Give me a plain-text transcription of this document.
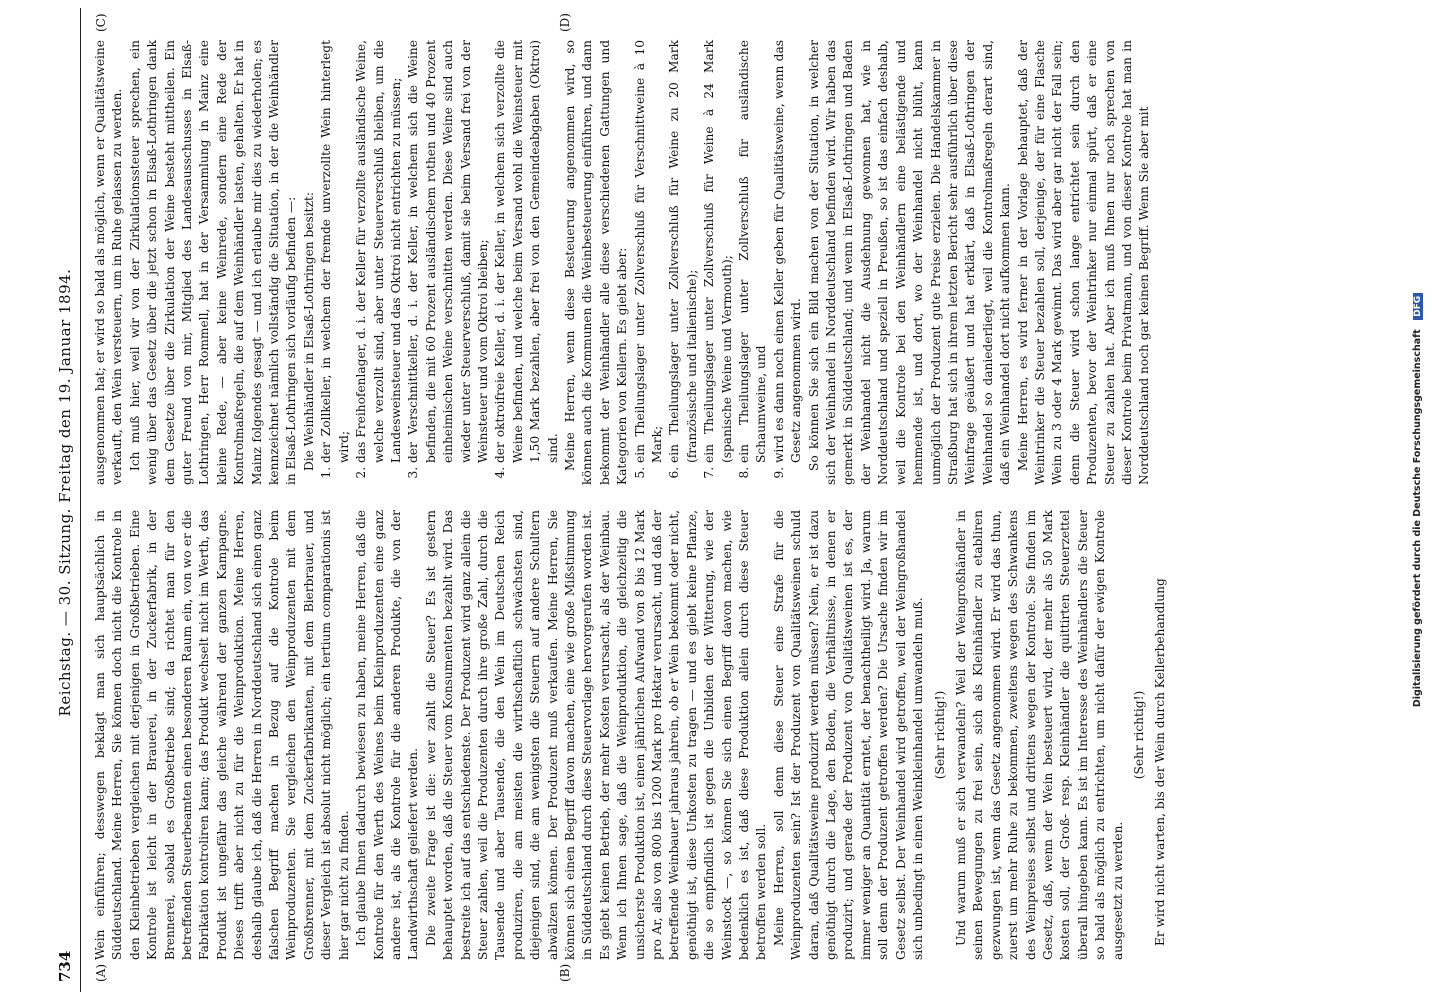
734
Reichstag. — 30. Sitzung. Freitag den 19. Januar 1894.
(A)	(B)
(C)	(D)

Wein einführen; desswegen beklagt man sich hauptsächlich in Süddeutschland. Meine Herren, Sie können doch nicht die Kontrole in den Kleinbetrieben vergleichen mit derjenigen in Großbetrieben. Eine Kontrole ist leicht in der Brauerei, in der Zuckerfabrik, in der Brennerei, sobald es Großbetriebe sind; da richtet man für den betreffenden Steuerbeamten einen besonderen Raum ein, von wo er die Fabrikation kontroliren kann; das Produkt wechselt nicht im Werth, das Produkt ist ungefähr das gleiche während der ganzen Kampagne. Dieses trifft aber nicht zu für die Weinproduktion. Meine Herren, deshalb glaube ich, daß die Herren in Norddeutschland sich einen ganz falschen Begriff machen in Bezug auf die Kontrole beim Weinproduzenten. Sie vergleichen den Weinproduzenten mit dem Großbrenner, mit dem Zuckerfabrikanten, mit dem Bierbrauer, und dieser Vergleich ist absolut nicht möglich; ein tertium comparationis ist hier gar nicht zu finden. Ich glaube Ihnen dadurch bewiesen zu haben, meine Herren, daß die Kontrole für den Werth des Weines beim Kleinproduzenten eine ganz andere ist, als die Kontrole für die anderen Produkte, die von der Landwirthschaft geliefert werden. Die zweite Frage ist die: wer zahlt die Steuer? Es ist gestern behauptet worden, daß die Steuer vom Konsumenten bezahlt wird. Das bestreite ich auf das entschiedenste. Der Produzent wird ganz allein die Steuer zahlen, weil die Produzenten durch ihre große Zahl, durch die Tausende und aber Tausende, die den Wein im Deutschen Reich produziren, die am meisten die wirthschaftlich schwächsten sind, diejenigen sind, die am wenigsten die Steuern auf andere Schultern abwälzen können. Der Produzent muß verkaufen. Meine Herren, Sie können sich einen Begriff davon machen, eine wie große Mißstimmung in Süddeutschland durch diese Steuervorlage hervorgerufen worden ist. Es giebt keinen Betrieb, der mehr Kosten verursacht, als der Weinbau. Wenn ich Ihnen sage, daß die Weinproduktion, die gleichzeitig die unsicherste Produktion ist, einen jährlichen Aufwand von 8 bis 12 Mark pro Ar, also von 800 bis 1200 Mark pro Hektar verursacht, und daß der betreffende Weinbauer jahraus jahrein, ob er Wein bekommt oder nicht, genöthigt ist, diese Unkosten zu tragen — und es giebt keine Pflanze, die so empfindlich ist gegen die Unbilden der Witterung, wie der Weinstock —, so können Sie sich einen Begriff davon machen, wie bedenklich es ist, daß diese Produktion allein durch diese Steuer betroffen werden soll. Meine Herren, soll denn diese Steuer eine Strafe für die Weinproduzenten sein? Ist der Produzent von Qualitätsweinen schuld daran, daß Qualitätsweine produzirt werden müssen? Nein, er ist dazu genöthigt durch die Lage, den Boden, die Verhältnisse, in denen er produzirt; und gerade der Produzent von Qualitätsweinen ist es, der immer weniger an Quantität erntet, der benachtheiligt wird. Ja, warum soll denn der Produzent getroffen werden? Die Ursache finden wir im Gesetz selbst. Der Weinhandel wird getroffen, weil der Weingroßhandel sich unbedingt in einen Weinkleinhandel umwandeln muß. (Sehr richtig!) Und warum muß er sich verwandeln? Weil der Weingroßhändler in seinen Bewegungen zu frei sein, sich als Kleinhändler zu etabliren gezwungen ist, wenn das Gesetz angenommen wird. Er wird das thun, zuerst um mehr Ruhe zu bekommen, zweitens wegen des Schwankens des Weinpreises selbst und drittens wegen der Kontrole. Sie finden im Gesetz, daß, wenn der Wein besteuert wird, der mehr als 50 Mark kosten soll, der Groß- resp. Kleinhändler die quittirten Steuerzettel überall hingeben kann. Es ist im Interesse des Weinhändlers die Steuer so bald als möglich zu entrichten, um nicht dafür der ewigen Kontrole ausgesetzt zu werden.

(Sehr richtig!) Er wird nicht warten, bis der Wein durch Kellerbehandlung

ausgenommen hat; er wird so bald als möglich, wenn er Qualitätsweine verkauft, den Wein versteuern, um in Ruhe gelassen zu werden. Ich muß hier, weil wir von der Zirkulationssteuer sprechen, ein wenig über das Gesetz über die jetzt schon in Elsaß-Lothringen dank dem Gesetze über die Zirkulation der Weine besteht mittheilen. Ein guter Freund von mir, Mitglied des Landesausschusses in Elsaß-Lothringen, Herr Rommell, hat in der Versammlung in Mainz eine kleine Rede, — aber keine Weinrede, sondern eine Rede der Kontrolmaßregeln, die auf dem Weinhändler lasten, gehalten. Er hat in Mainz folgendes gesagt — und ich erlaube mir dies zu wiederholen; es kennzeichnet nämlich vollständig die Situation, in der die Weinhändler in Elsaß-Lothringen sich vorläufig befinden —: Die Weinhändler in Elsaß-Lothringen besitzt: 1. der Zollkeller, in welchem der fremde unverzollte Wein hinterlegt wird; 2. das Freihofenlager, d. i. der Keller für verzollte ausländische Weine, welche verzollt sind, aber unter Steuerverschluß bleiben, um die Landesweinsteuer und das Oktroi nicht entrichten zu müssen; 3. der Verschnittkeller, d. i. der Keller, in welchem sich die Weine befinden, die mit 60 Prozent ausländischem rothen und 40 Prozent einheimischen Weine verschnitten werden. Diese Weine sind auch wieder unter Steuerverschluß, damit sie beim Versand frei von der Weinsteuer und vom Oktroi bleiben; 4. der oktroifreie Keller, d. i. der Keller, in welchem sich verzollte die Weine befinden, und welche beim Versand wohl die Weinsteuer mit 1,50 Mark bezahlen, aber frei von den Gemeindeabgaben (Oktroi) sind. Meine Herren, wenn diese Besteuerung angenommen wird, so können auch die Kommunen die Weinbesteuerung einführen, und dann bekommt der Weinhändler alle diese verschiedenen Gattungen und Kategorien von Kellern. Es giebt aber: 5. ein Theilungslager unter Zollverschluß für Verschnittweine à 10 Mark; 6. ein Theilungslager unter Zollverschluß für Weine zu 20 Mark (französische und italienische); 7. ein Theilungslager unter Zollverschluß für Weine à 24 Mark (spanische Weine und Vermouth); 8. ein Theilungslager unter Zollverschluß für ausländische Schaumweine, und 9. wird es dann noch einen Keller geben für Qualitätsweine, wenn das Gesetz angenommen wird. So können Sie sich ein Bild machen von der Situation, in welcher sich der Weinhandel in Norddeutschland befinden wird. Wir haben das gemerkt in Süddeutschland; und wenn in Elsaß-Lothringen und Baden der Weinhandel nicht die Ausdehnung gewonnen hat, wie in Norddeutschland und speziell in Preußen, so ist das einfach deshalb, weil die Kontrole bei den Weinhändlern eine belästigende und hemmende ist, und dort, wo der Weinhandel nicht blüht, kann unmöglich der Produzent gute Preise erzielen. Die Handelskammer in Straßburg hat sich in ihrem letzten Bericht sehr ausführlich über diese Weinfrage geäußert und hat erklärt, daß in Elsaß-Lothringen der Weinhandel so daniederliegt, weil die Kontrolmaßregeln derart sind, daß ein Weinhandel dort nicht aufkommen kann. Meine Herren, es wird ferner in der Vorlage behauptet, daß der Weintrinker die Steuer bezahlen soll, derjenige, der für eine Flasche Wein zu 3 oder 4 Mark gewinnt. Das wird aber gar nicht der Fall sein; denn die Steuer wird schon lange entrichtet sein durch den Produzenten, bevor der Weintrinker nur einmal spürt, daß er eine Steuer zu zahlen hat. Aber ich muß Ihnen nur noch sprechen von dieser Kontrole beim Privatmann, und von dieser Kontrole hat man in Norddeutschland noch gar keinen Begriff. Wenn Sie aber mit

Digitalisierung gefördert durch die Deutsche Forschungsgemeinschaft DFG
